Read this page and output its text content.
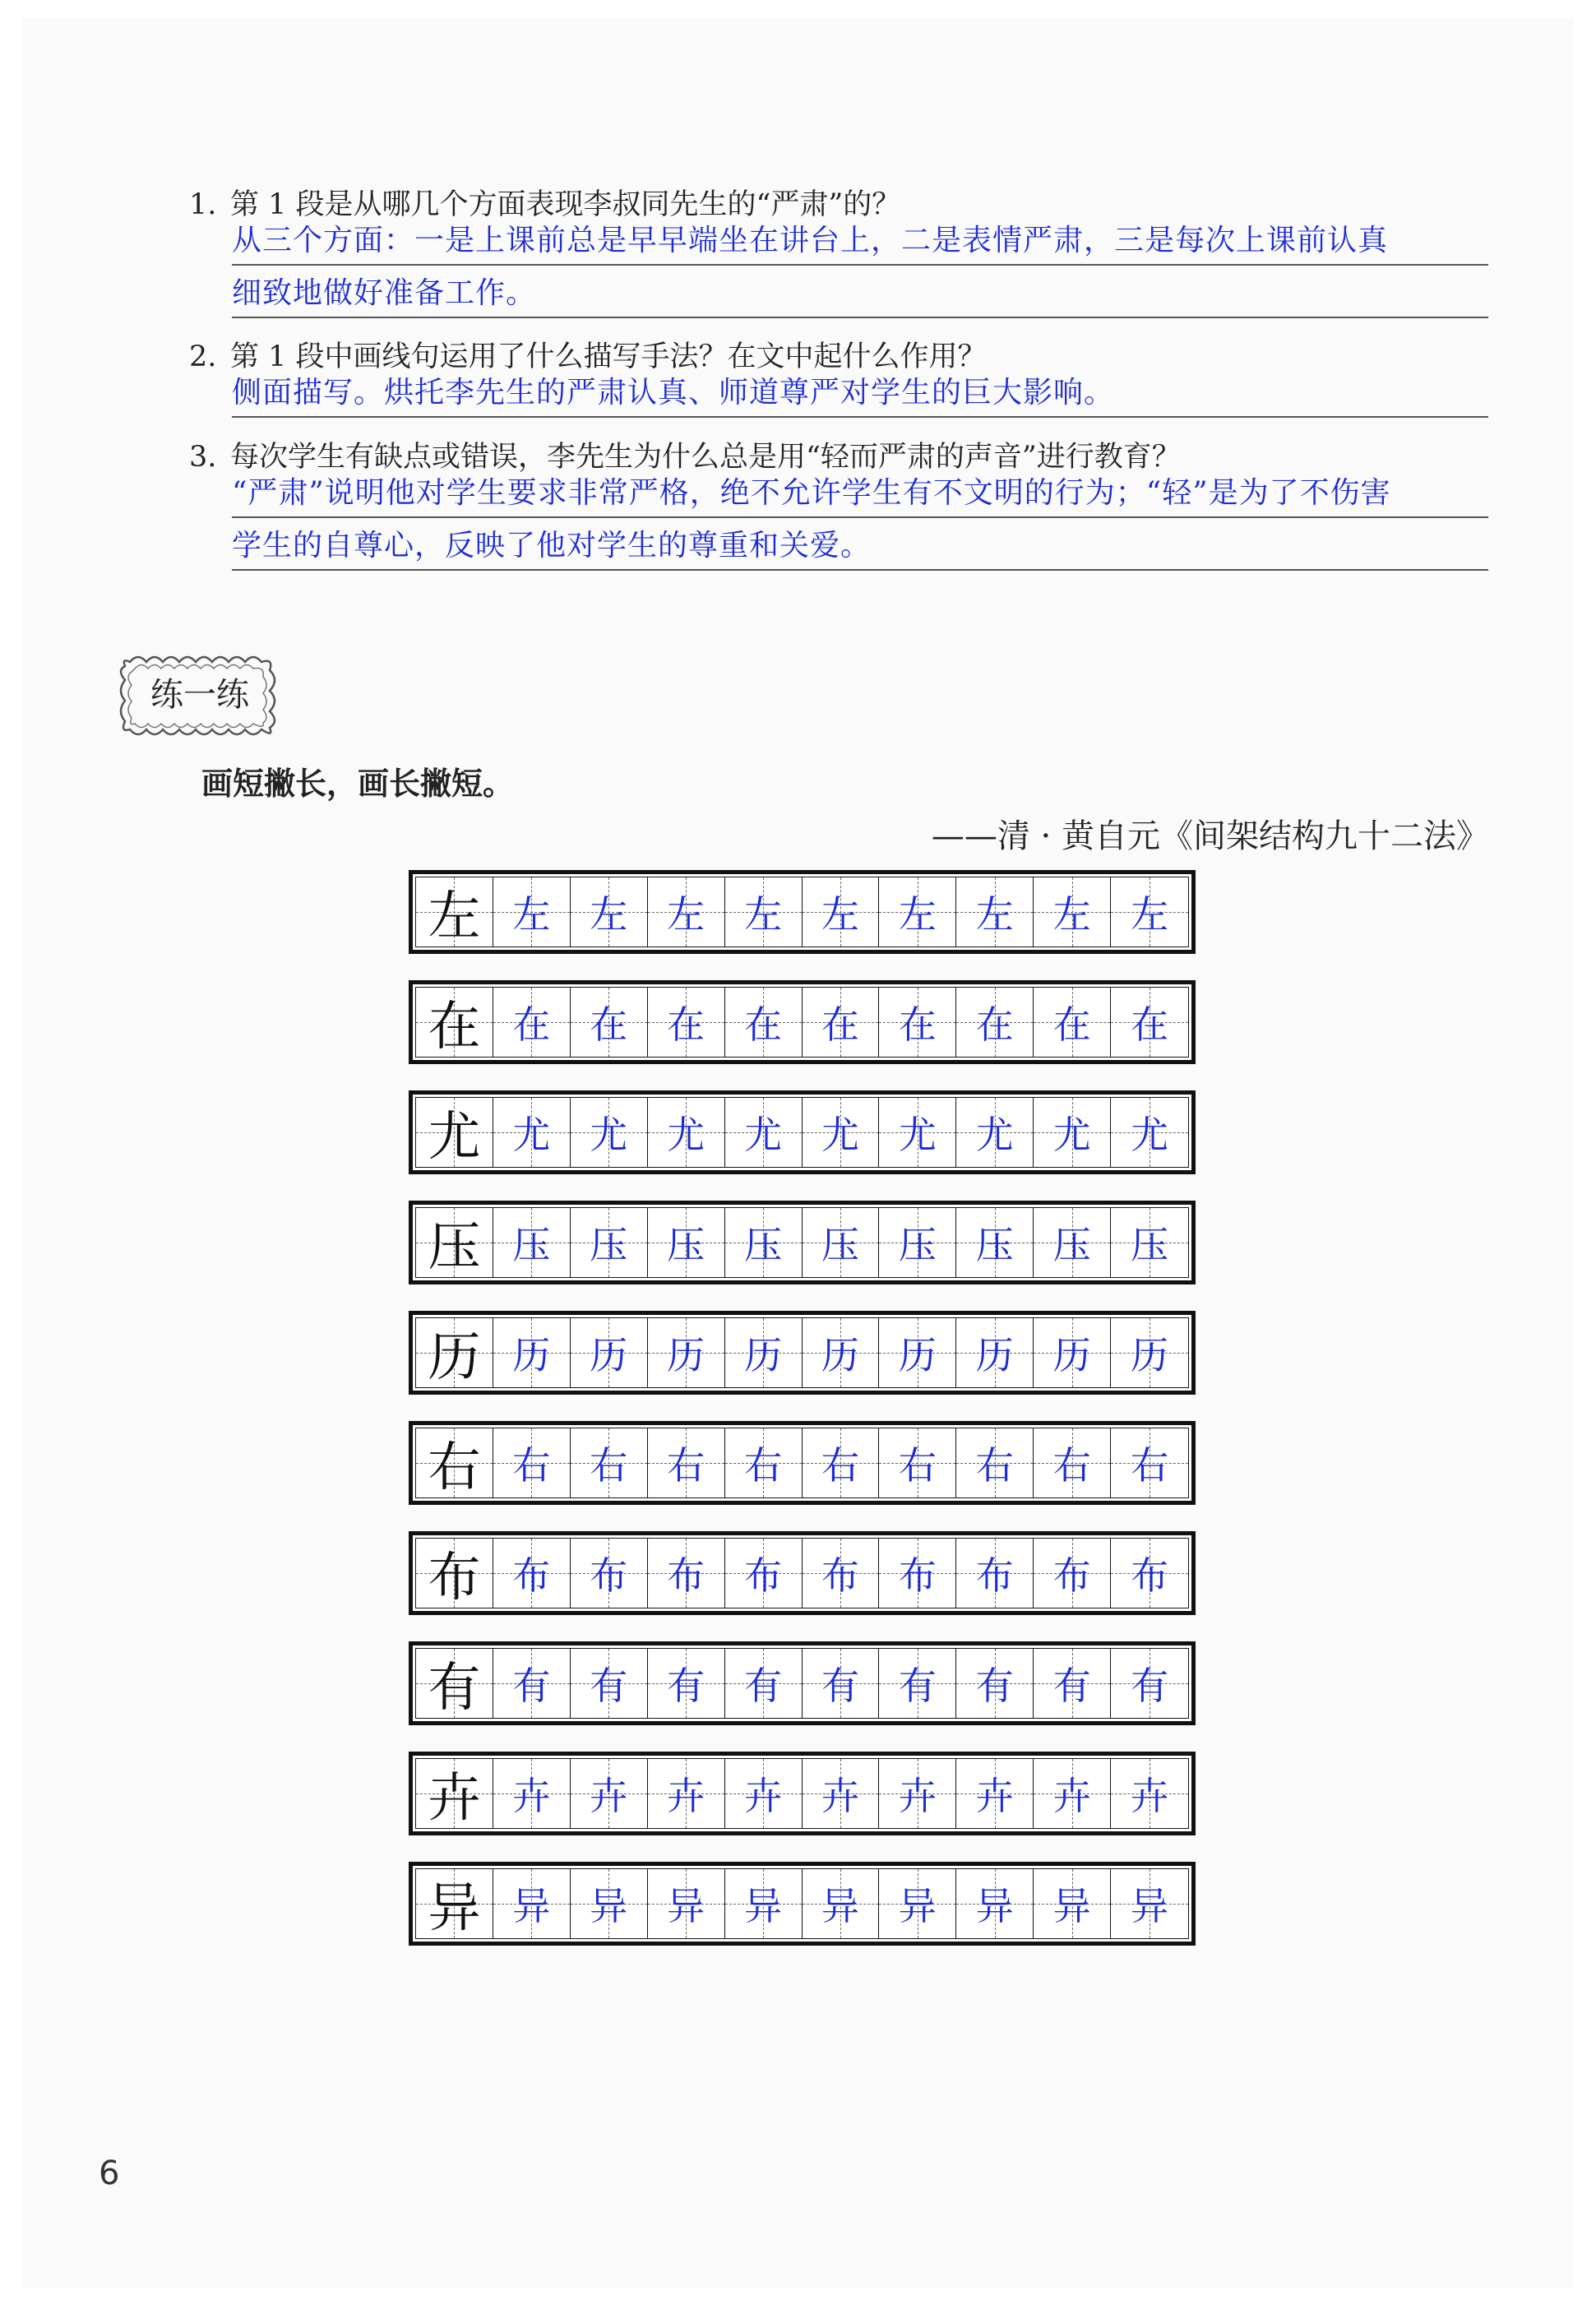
1. 第 1 段是从哪几个方面表现李叔同先生的“严肃”的？
从三个方面：一是上课前总是早早端坐在讲台上，二是表情严肃，三是每次上课前认真
细致地做好准备工作。
2. 第 1 段中画线句运用了什么描写手法？在文中起什么作用？
侧面描写。烘托李先生的严肃认真、师道尊严对学生的巨大影响。
3. 每次学生有缺点或错误，李先生为什么总是用“轻而严肃的声音”进行教育？
“严肃”说明他对学生要求非常严格，绝不允许学生有不文明的行为；“轻”是为了不伤害
学生的自尊心，反映了他对学生的尊重和关爱。
练一练
画短撇长，画长撇短。
——清 · 黄自元《间架结构九十二法》
左 左 左 左 左 左 左 左 左 左
在 在 在 在 在 在 在 在 在 在
尤 尤 尤 尤 尤 尤 尤 尤 尤 尤
压 压 压 压 压 压 压 压 压 压
历 历 历 历 历 历 历 历 历 历
右 右 右 右 右 右 右 右 右 右
布 布 布 布 布 布 布 布 布 布
有 有 有 有 有 有 有 有 有 有
卉 卉 卉 卉 卉 卉 卉 卉 卉 卉
异 异 异 异 异 异 异 异 异 异
6
